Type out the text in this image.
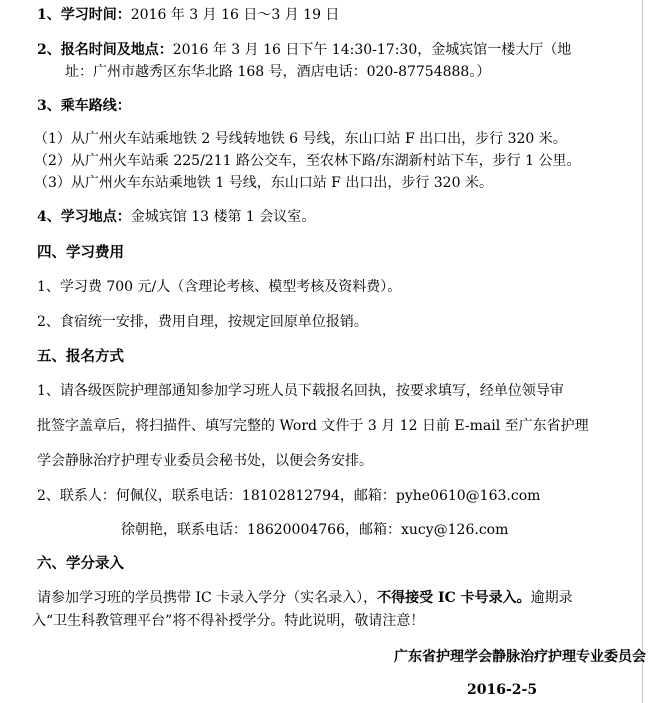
1、学习时间：2016 年 3 月 16 日～3 月 19 日
2、报名时间及地点：2016 年 3 月 16 日下午 14:30-17:30，金城宾馆一楼大厅（地
址：广州市越秀区东华北路 168 号，酒店电话：020-87754888。）
3、乘车路线：
（1）从广州火车站乘地铁 2 号线转地铁 6 号线，东山口站 F 出口出，步行 320 米。
（2）从广州火车站乘 225/211 路公交车，至农林下路/东湖新村站下车，步行 1 公里。
（3）从广州火车东站乘地铁 1 号线，东山口站 F 出口出，步行 320 米。
4、学习地点：金城宾馆 13 楼第 1 会议室。
四、学习费用
1、学习费 700 元/人（含理论考核、模型考核及资料费）。
2、食宿统一安排，费用自理，按规定回原单位报销。
五、报名方式
1、请各级医院护理部通知参加学习班人员下载报名回执，按要求填写，经单位领导审
批签字盖章后，将扫描件、填写完整的 Word 文件于 3 月 12 日前 E-mail 至广东省护理
学会静脉治疗护理专业委员会秘书处，以便会务安排。
2、联系人：何佩仪，联系电话：18102812794，邮箱：pyhe0610@163.com
徐朝艳，联系电话：18620004766，邮箱：xucy@126.com
六、学分录入
请参加学习班的学员携带 IC 卡录入学分（实名录入），不得接受 IC 卡号录入。逾期录
入“卫生科教管理平台”将不得补授学分。特此说明，敬请注意！
广东省护理学会静脉治疗护理专业委员会
2016-2-5
